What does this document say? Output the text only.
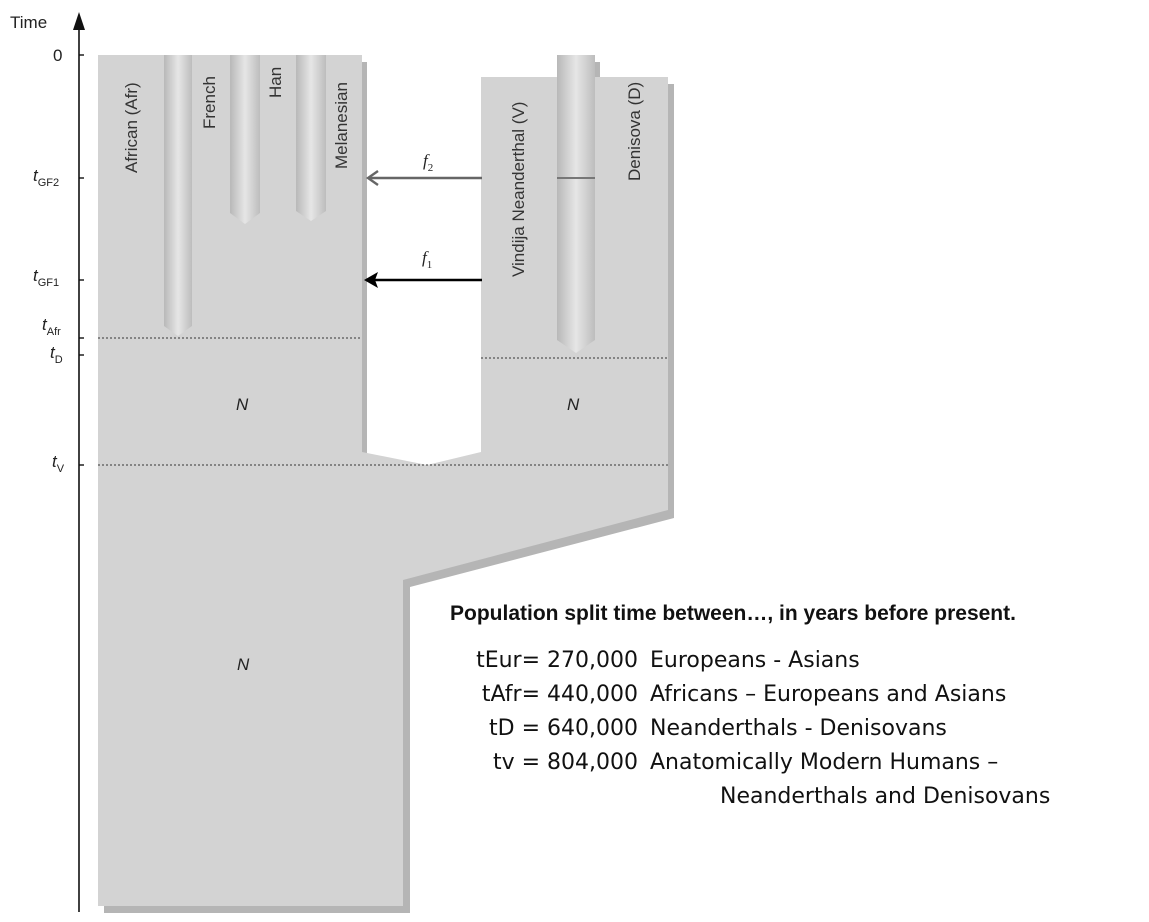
$f_2$
$f_1$
African (Afr)	French	Han	Melanesian	Vindija Neanderthal (V)	Denisova (D)
N	N
N
Time
0
$t_{GF2}$
$t_{GF1}$
$t_{Afr}$
$t_D$
$t_V$
Population split time between…, in years before present.
tEur= 270,000 Europeans - Asians
tAfr= 440,000 Africans – Europeans and Asians
tD = 640,000 Neanderthals - Denisovans
tv = 804,000 Anatomically Modern Humans –
Neanderthals and Denisovans
